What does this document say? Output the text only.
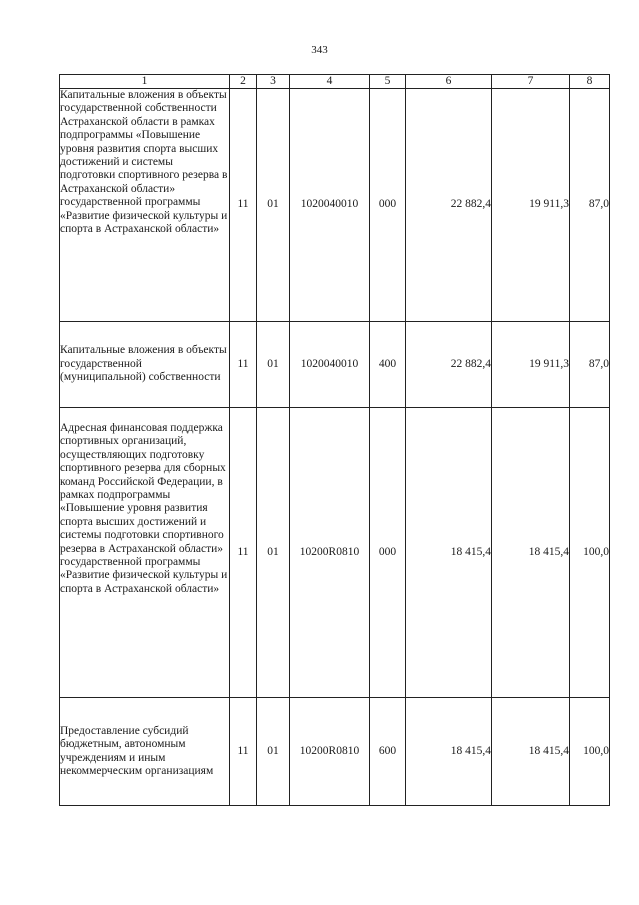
343
1	2	3	4	5	6	7	8
Капитальные вложения в объекты государственной собственности Астраханской области в рамках подпрограммы «Повышение уровня развития спорта высших достижений и системы подготовки спортивного резерва в Астраханской области» государственной программы «Развитие физической культуры и спорта в Астраханской области»	11	01	1020040010	000	22 882,4	19 911,3	87,0
Капитальные вложения в объекты государственной (муниципальной) собственности	11	01	1020040010	400	22 882,4	19 911,3	87,0
Адресная финансовая поддержка спортивных организаций, осуществляющих подготовку спортивного резерва для сборных команд Российской Федерации, в рамках подпрограммы «Повышение уровня развития спорта высших достижений и системы подготовки спортивного резерва в Астраханской области» государственной программы «Развитие физической культуры и спорта в Астраханской области»	11	01	10200R0810	000	18 415,4	18 415,4	100,0
Предоставление субсидий бюджетным, автономным учреждениям и иным некоммерческим организациям	11	01	10200R0810	600	18 415,4	18 415,4	100,0
